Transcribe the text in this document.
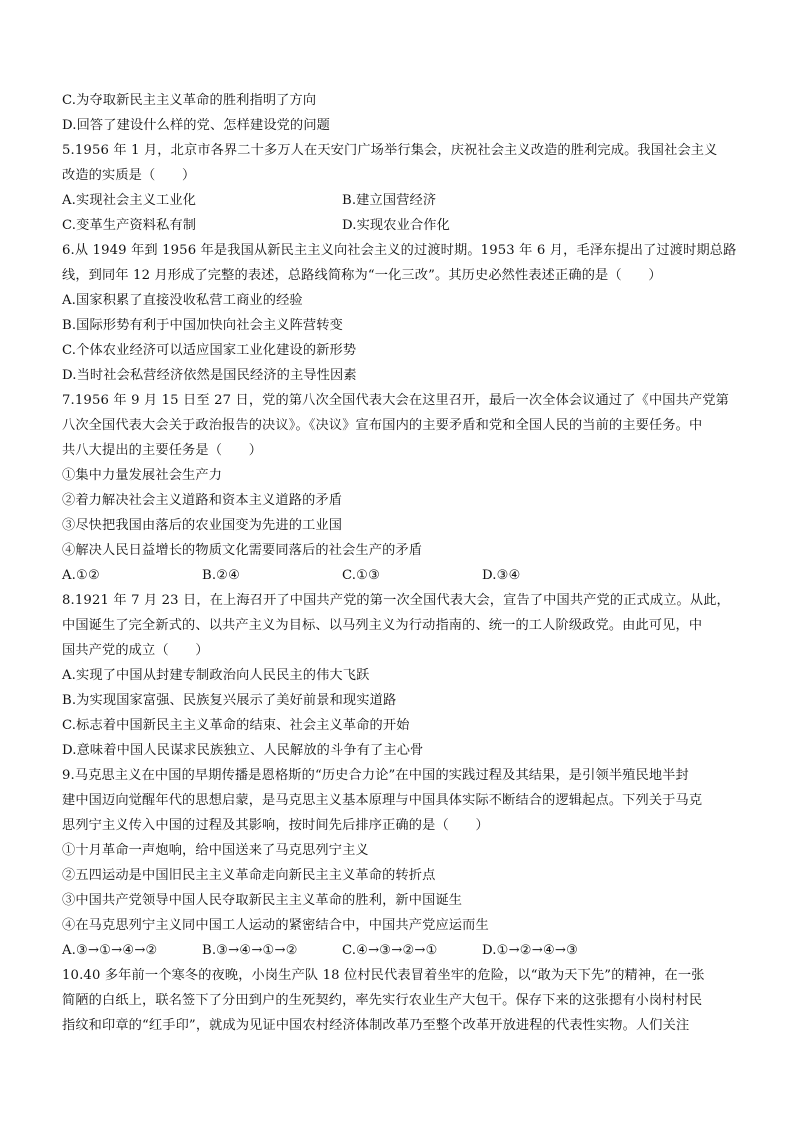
C.为夺取新民主主义革命的胜利指明了方向
D.回答了建设什么样的党、怎样建设党的问题
5.1956 年 1 月，北京市各界二十多万人在天安门广场举行集会，庆祝社会主义改造的胜利完成。我国社会主义
改造的实质是（　　）
A.实现社会主义工业化	B.建立国营经济
C.变革生产资料私有制	D.实现农业合作化
6.从 1949 年到 1956 年是我国从新民主主义向社会主义的过渡时期。1953 年 6 月，毛泽东提出了过渡时期总路
线，到同年 12 月形成了完整的表述，总路线简称为“一化三改”。其历史必然性表述正确的是（　　）
A.国家积累了直接没收私营工商业的经验
B.国际形势有利于中国加快向社会主义阵营转变
C.个体农业经济可以适应国家工业化建设的新形势
D.当时社会私营经济依然是国民经济的主导性因素
7.1956 年 9 月 15 日至 27 日，党的第八次全国代表大会在这里召开，最后一次全体会议通过了《中国共产党第
八次全国代表大会关于政治报告的决议》。《决议》宣布国内的主要矛盾和党和全国人民的当前的主要任务。中
共八大提出的主要任务是（　　）
①集中力量发展社会生产力
②着力解决社会主义道路和资本主义道路的矛盾
③尽快把我国由落后的农业国变为先进的工业国
④解决人民日益增长的物质文化需要同落后的社会生产的矛盾
A.①②	B.②④	C.①③	D.③④
8.1921 年 7 月 23 日，在上海召开了中国共产党的第一次全国代表大会，宣告了中国共产党的正式成立。从此，
中国诞生了完全新式的、以共产主义为目标、以马列主义为行动指南的、统一的工人阶级政党。由此可见，中
国共产党的成立（　　）
A.实现了中国从封建专制政治向人民民主的伟大飞跃
B.为实现国家富强、民族复兴展示了美好前景和现实道路
C.标志着中国新民主主义革命的结束、社会主义革命的开始
D.意味着中国人民谋求民族独立、人民解放的斗争有了主心骨
9.马克思主义在中国的早期传播是恩格斯的“历史合力论”在中国的实践过程及其结果，是引领半殖民地半封
建中国迈向觉醒年代的思想启蒙，是马克思主义基本原理与中国具体实际不断结合的逻辑起点。下列关于马克
思列宁主义传入中国的过程及其影响，按时间先后排序正确的是（　　）
①十月革命一声炮响，给中国送来了马克思列宁主义
②五四运动是中国旧民主主义革命走向新民主主义革命的转折点
③中国共产党领导中国人民夺取新民主主义革命的胜利，新中国诞生
④在马克思列宁主义同中国工人运动的紧密结合中，中国共产党应运而生
A.③→①→④→②	B.③→④→①→②	C.④→③→②→①	D.①→②→④→③
10.40 多年前一个寒冬的夜晚，小岗生产队 18 位村民代表冒着坐牢的危险，以“敢为天下先”的精神，在一张
简陋的白纸上，联名签下了分田到户的生死契约，率先实行农业生产大包干。保存下来的这张摁有小岗村村民
指纹和印章的“红手印”，就成为见证中国农村经济体制改革乃至整个改革开放进程的代表性实物。人们关注
